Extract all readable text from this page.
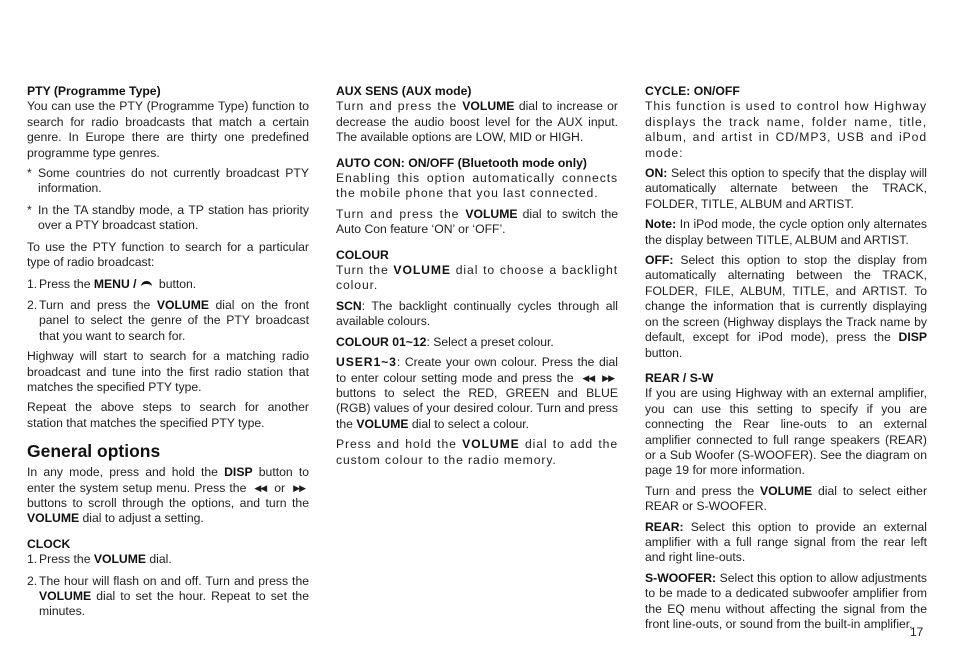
PTY (Programme Type)

You can use the PTY (Programme Type) function to search for radio broadcasts that match a certain genre. In Europe there are thirty one predefined programme type genres.

* Some countries do not currently broadcast PTY information.
* In the TA standby mode, a TP station has priority over a PTY broadcast station.

To use the PTY function to search for a particular type of radio broadcast:

1. Press the MENU / button.
2. Turn and press the VOLUME dial on the front panel to select the genre of the PTY broadcast that you want to search for.

Highway will start to search for a matching radio broadcast and tune into the first radio station that matches the specified PTY type.

Repeat the above steps to search for another station that matches the specified PTY type.

General options

In any mode, press and hold the DISP button to enter the system setup menu. Press the ◀◀ or ▶▶ buttons to scroll through the options, and turn the VOLUME dial to adjust a setting.

CLOCK
1. Press the VOLUME dial.
2. The hour will flash on and off. Turn and press the VOLUME dial to set the hour. Repeat to set the minutes.
AUX SENS (AUX mode)

Turn and press the VOLUME dial to increase or decrease the audio boost level for the AUX input. The available options are LOW, MID or HIGH.

AUTO CON: ON/OFF (Bluetooth mode only)

Enabling this option automatically connects the mobile phone that you last connected.

Turn and press the VOLUME dial to switch the Auto Con feature ‘ON’ or ‘OFF’.

COLOUR

Turn the VOLUME dial to choose a backlight colour.

SCN: The backlight continually cycles through all available colours.

COLOUR 01~12: Select a preset colour.

USER1~3: Create your own colour. Press the dial to enter colour setting mode and press the ◀◀ ▶▶ buttons to select the RED, GREEN and BLUE (RGB) values of your desired colour. Turn and press the VOLUME dial to select a colour.

Press and hold the VOLUME dial to add the custom colour to the radio memory.

CYCLE: ON/OFF

This function is used to control how Highway displays the track name, folder name, title, album, and artist in CD/MP3, USB and iPod mode:

ON: Select this option to specify that the display will automatically alternate between the TRACK, FOLDER, TITLE, ALBUM and ARTIST.

Note: In iPod mode, the cycle option only alternates the display between TITLE, ALBUM and ARTIST.

OFF: Select this option to stop the display from automatically alternating between the TRACK, FOLDER, FILE, ALBUM, TITLE, and ARTIST. To change the information that is currently displaying on the screen (Highway displays the Track name by default, except for iPod mode), press the DISP button.

REAR / S-W

If you are using Highway with an external amplifier, you can use this setting to specify if you are connecting the Rear line-outs to an external amplifier connected to full range speakers (REAR) or a Sub Woofer (S-WOOFER). See the diagram on page 19 for more information.

Turn and press the VOLUME dial to select either REAR or S-WOOFER.

REAR: Select this option to provide an external amplifier with a full range signal from the rear left and right line-outs.

S-WOOFER: Select this option to allow adjustments to be made to a dedicated subwoofer amplifier from the EQ menu without affecting the signal from the front line-outs, or sound from the built-in amplifier.

17
